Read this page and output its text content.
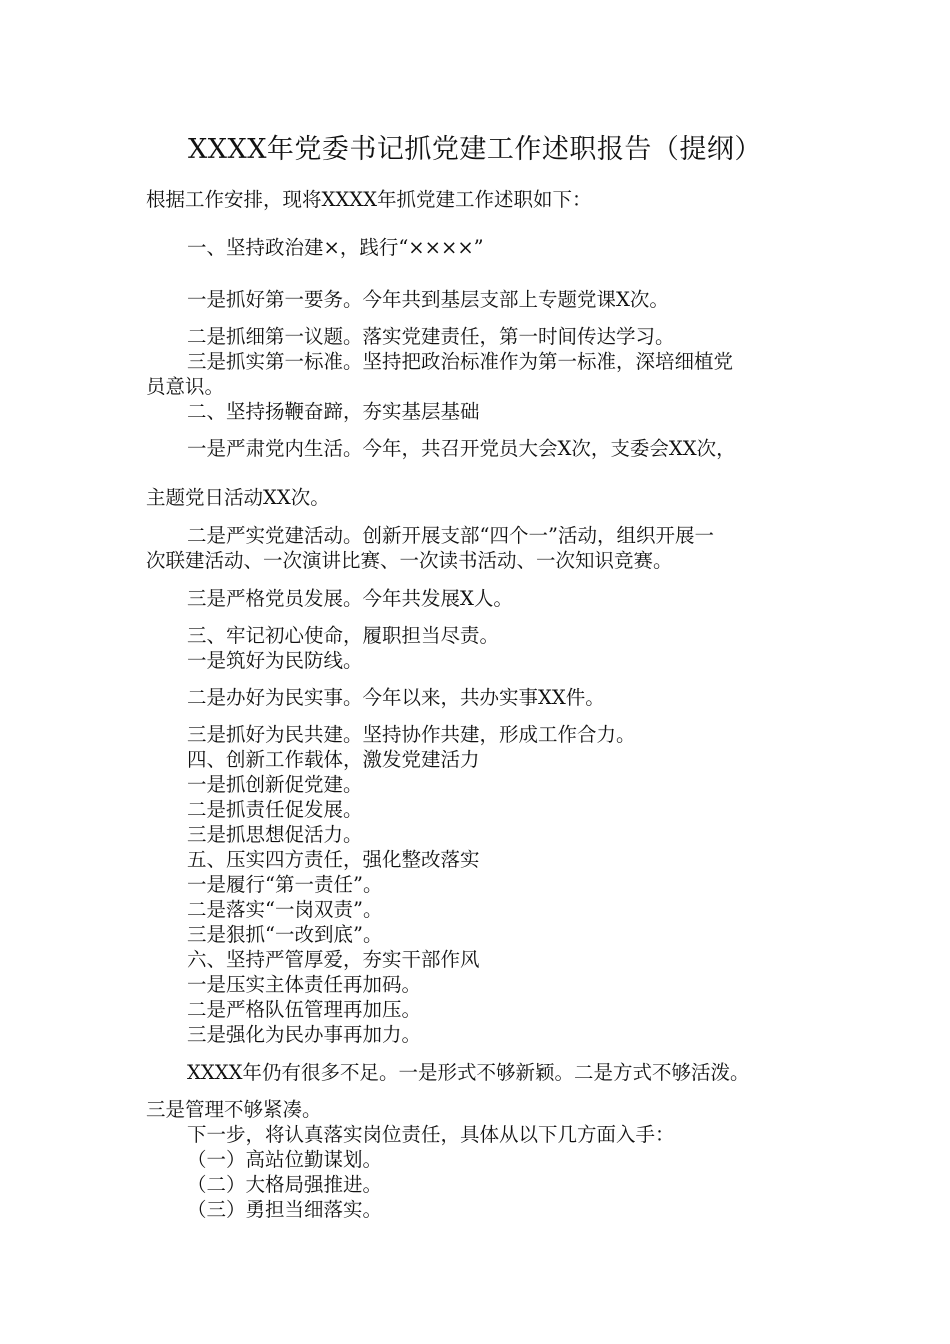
XXXX年党委书记抓党建工作述职报告（提纲）
根据工作安排，现将XXXX年抓党建工作述职如下：
一、坚持政治建×，践行“××××”
一是抓好第一要务。今年共到基层支部上专题党课X次。
二是抓细第一议题。落实党建责任，第一时间传达学习。
三是抓实第一标准。坚持把政治标准作为第一标准，深培细植党
员意识。
二、坚持扬鞭奋蹄，夯实基层基础
一是严肃党内生活。今年，共召开党员大会X次，支委会XX次，
主题党日活动XX次。
二是严实党建活动。创新开展支部“四个一”活动，组织开展一
次联建活动、一次演讲比赛、一次读书活动、一次知识竞赛。
三是严格党员发展。今年共发展X人。
三、牢记初心使命，履职担当尽责。
一是筑好为民防线。
二是办好为民实事。今年以来，共办实事XX件。
三是抓好为民共建。坚持协作共建，形成工作合力。
四、创新工作载体，激发党建活力
一是抓创新促党建。
二是抓责任促发展。
三是抓思想促活力。
五、压实四方责任，强化整改落实
一是履行“第一责任”。
二是落实“一岗双责”。
三是狠抓“一改到底”。
六、坚持严管厚爱，夯实干部作风
一是压实主体责任再加码。
二是严格队伍管理再加压。
三是强化为民办事再加力。
XXXX年仍有很多不足。一是形式不够新颖。二是方式不够活泼。
三是管理不够紧凑。
下一步，将认真落实岗位责任，具体从以下几方面入手：
（一）高站位勤谋划。
（二）大格局强推进。
（三）勇担当细落实。
